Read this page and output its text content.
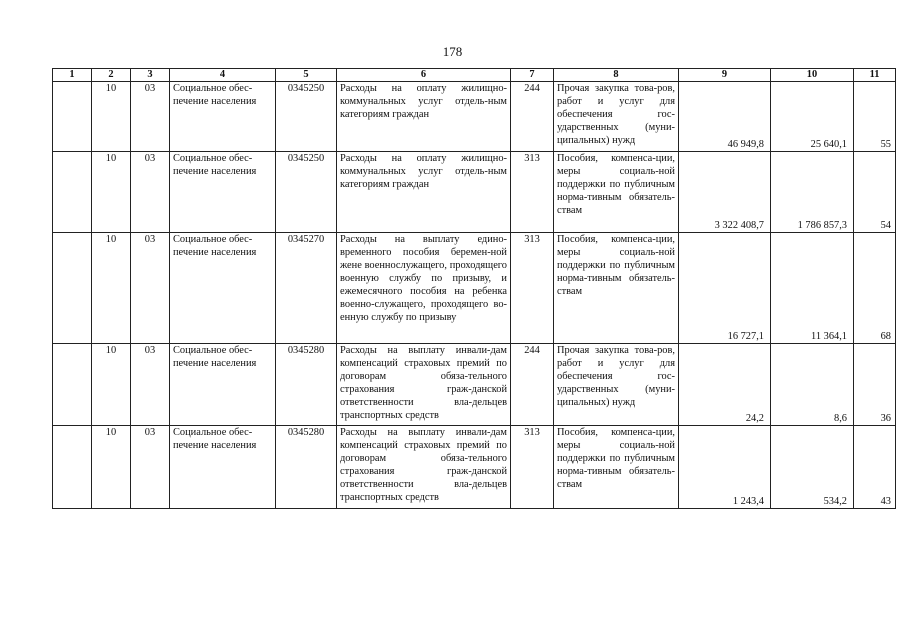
178
1	2	3	4	5	6	7	8	9	10	11
	10	03	Социальное обес-печение населения	0345250	Расходы на оплату жилищно-коммунальных услуг отдель-ным категориям граждан	244	Прочая закупка това-ров, работ и услуг для обеспечения гос-ударственных (муни-ципальных) нужд	46 949,8	25 640,1	55
	10	03	Социальное обес-печение населения	0345250	Расходы на оплату жилищно-коммунальных услуг отдель-ным категориям граждан	313	Пособия, компенса-ции, меры социаль-ной поддержки по публичным норма-тивным обязатель-ствам	3 322 408,7	1 786 857,3	54
	10	03	Социальное обес-печение населения	0345270	Расходы на выплату едино-временного пособия беремен-ной жене военнослужащего, проходящего военную службу по призыву, и ежемесячного пособия на ребенка военно-служащего, проходящего во-енную службу по призыву	313	Пособия, компенса-ции, меры социаль-ной поддержки по публичным норма-тивным обязатель-ствам	16 727,1	11 364,1	68
	10	03	Социальное обес-печение населения	0345280	Расходы на выплату инвали-дам компенсаций страховых премий по договорам обяза-тельного страхования граж-данской ответственности вла-дельцев транспортных средств	244	Прочая закупка това-ров, работ и услуг для обеспечения гос-ударственных (муни-ципальных) нужд	24,2	8,6	36
	10	03	Социальное обес-печение населения	0345280	Расходы на выплату инвали-дам компенсаций страховых премий по договорам обяза-тельного страхования граж-данской ответственности вла-дельцев транспортных средств	313	Пособия, компенса-ции, меры социаль-ной поддержки по публичным норма-тивным обязатель-ствам	1 243,4	534,2	43
